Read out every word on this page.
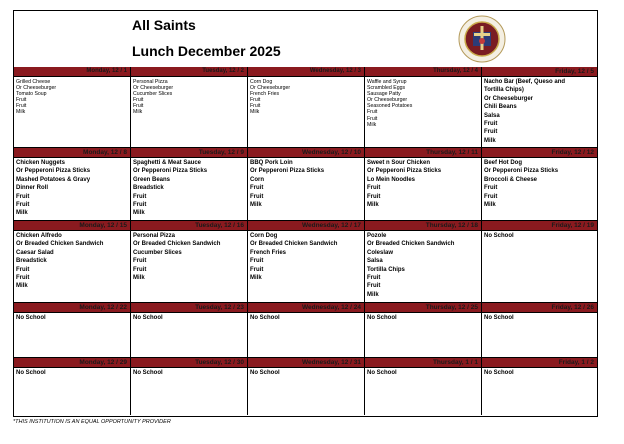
All Saints
Lunch December 2025
Monday, 12 / 1
Grilled Cheese
Or Cheeseburger
Tomato Soup
Fruit
Fruit
Milk
Tuesday, 12 / 2
Personal Pizza
Or Cheeseburger
Cucumber Slices
Fruit
Fruit
Milk
Wednesday, 12 / 3
Corn Dog
Or Cheeseburger
French Fries
Fruit
Fruit
Milk
Thursday, 12 / 4
Waffle and Syrup
Scrambled Eggs
Sausage Patty
Or Cheeseburger
Seasoned Potatoes
Fruit
Fruit
Milk
Friday, 12 / 5
Nacho Bar (Beef, Queso and
Tortilla Chips)
Or Cheeseburger
Chili Beans
Salsa
Fruit
Fruit
Milk
Monday, 12 / 8
Chicken Nuggets
Or Pepperoni Pizza Sticks
Mashed Potatoes & Gravy
Dinner Roll
Fruit
Fruit
Milk
Tuesday, 12 / 9
Spaghetti & Meat Sauce
Or Pepperoni Pizza Sticks
Green Beans
Breadstick
Fruit
Fruit
Milk
Wednesday, 12 / 10
BBQ Pork Loin
Or Pepperoni Pizza Sticks
Corn
Fruit
Fruit
Milk
Thursday, 12 / 11
Sweet n Sour Chicken
Or Pepperoni Pizza Sticks
Lo Mein Noodles
Fruit
Fruit
Milk
Friday, 12 / 12
Beef Hot Dog
Or Pepperoni Pizza Sticks
Broccoli & Cheese
Fruit
Fruit
Milk
Monday, 12 / 15
Chicken Alfredo
Or Breaded Chicken Sandwich
Caesar Salad
Breadstick
Fruit
Fruit
Milk
Tuesday, 12 / 16
Personal Pizza
Or Breaded Chicken Sandwich
Cucumber Slices
Fruit
Fruit
Milk
Wednesday, 12 / 17
Corn Dog
Or Breaded Chicken Sandwich
French Fries
Fruit
Fruit
Milk
Thursday, 12 / 18
Pozole
Or Breaded Chicken Sandwich
Coleslaw
Salsa
Tortilla Chips
Fruit
Fruit
Milk
Friday, 12 / 19
No School
Monday, 12 / 22
No School
Tuesday, 12 / 23
No School
Wednesday, 12 / 24
No School
Thursday, 12 / 25
No School
Friday, 12 / 26
No School
Monday, 12 / 29
No School
Tuesday, 12 / 30
No School
Wednesday, 12 / 31
No School
Thursday, 1 / 1
No School
Friday, 1 / 2
No School
*THIS INSTITUTION IS AN EQUAL OPPORTUNITY PROVIDER
